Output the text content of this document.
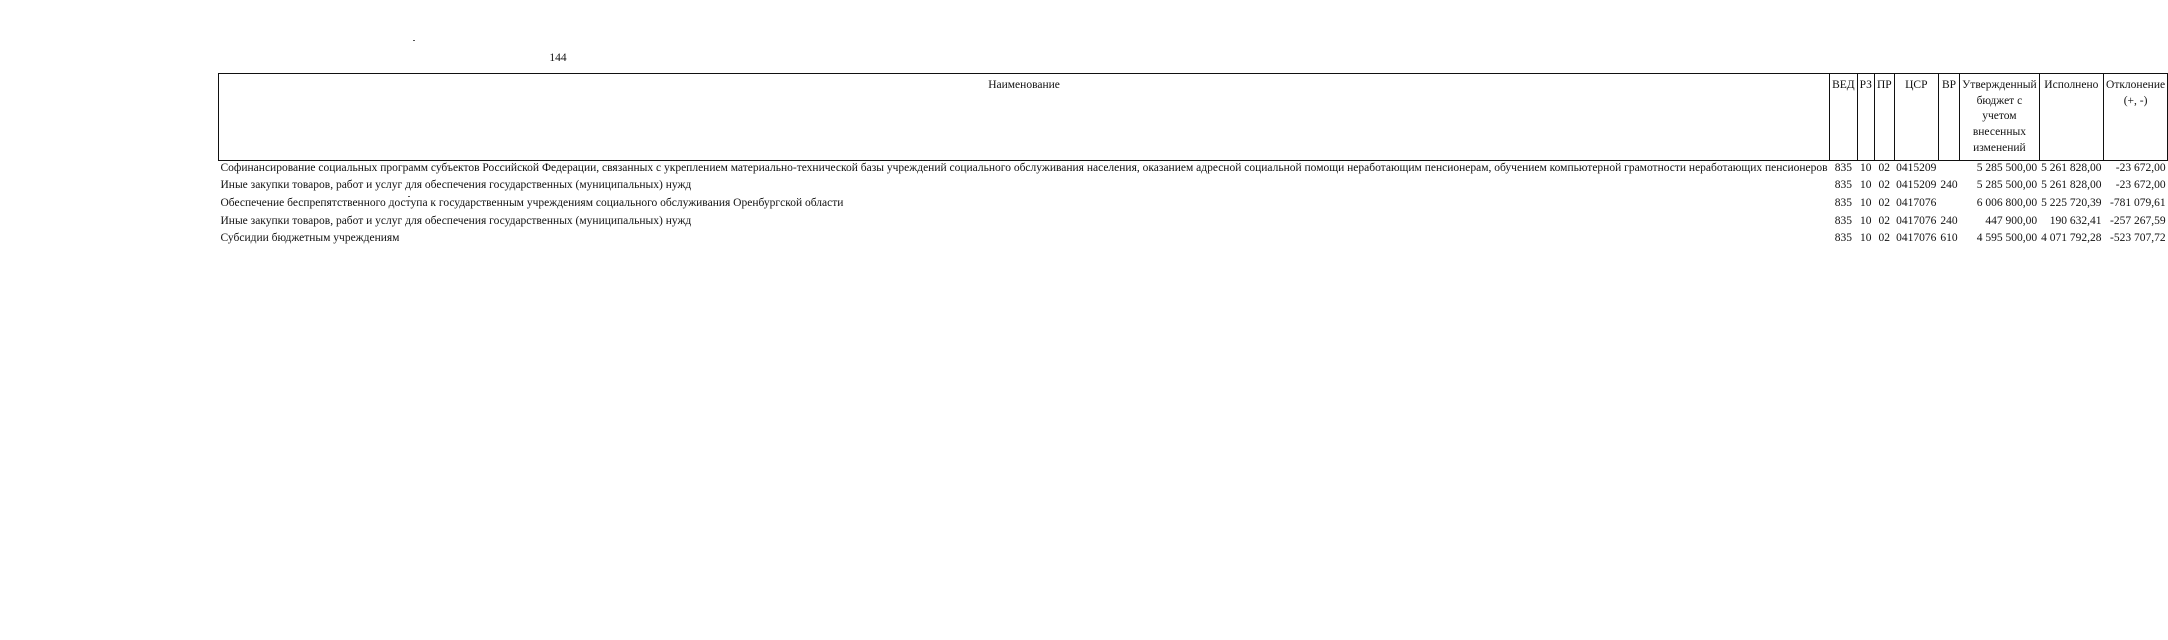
144
Наименование	ВЕД	РЗ	ПР	ЦСР	ВР	Утвержденный бюджет с учетом внесенных изменений	Исполнено	Отклонение (+, -)
Софинансирование социальных программ субъектов Российской Федерации, связанных с укреплением материально-технической базы учреждений социального обслуживания населения, оказанием адресной социальной помощи неработающим пенсионерам, обучением компьютерной грамотности неработающих пенсионеров	835	10	02	0415209		5 285 500,00	5 261 828,00	-23 672,00
Иные закупки товаров, работ и услуг для обеспечения государственных (муниципальных) нужд	835	10	02	0415209	240	5 285 500,00	5 261 828,00	-23 672,00
Обеспечение беспрепятственного доступа к государственным учреждениям социального обслуживания Оренбургской области	835	10	02	0417076		6 006 800,00	5 225 720,39	-781 079,61
Иные закупки товаров, работ и услуг для обеспечения государственных (муниципальных) нужд	835	10	02	0417076	240	447 900,00	190 632,41	-257 267,59
Субсидии бюджетным учреждениям	835	10	02	0417076	610	4 595 500,00	4 071 792,28	-523 707,72
